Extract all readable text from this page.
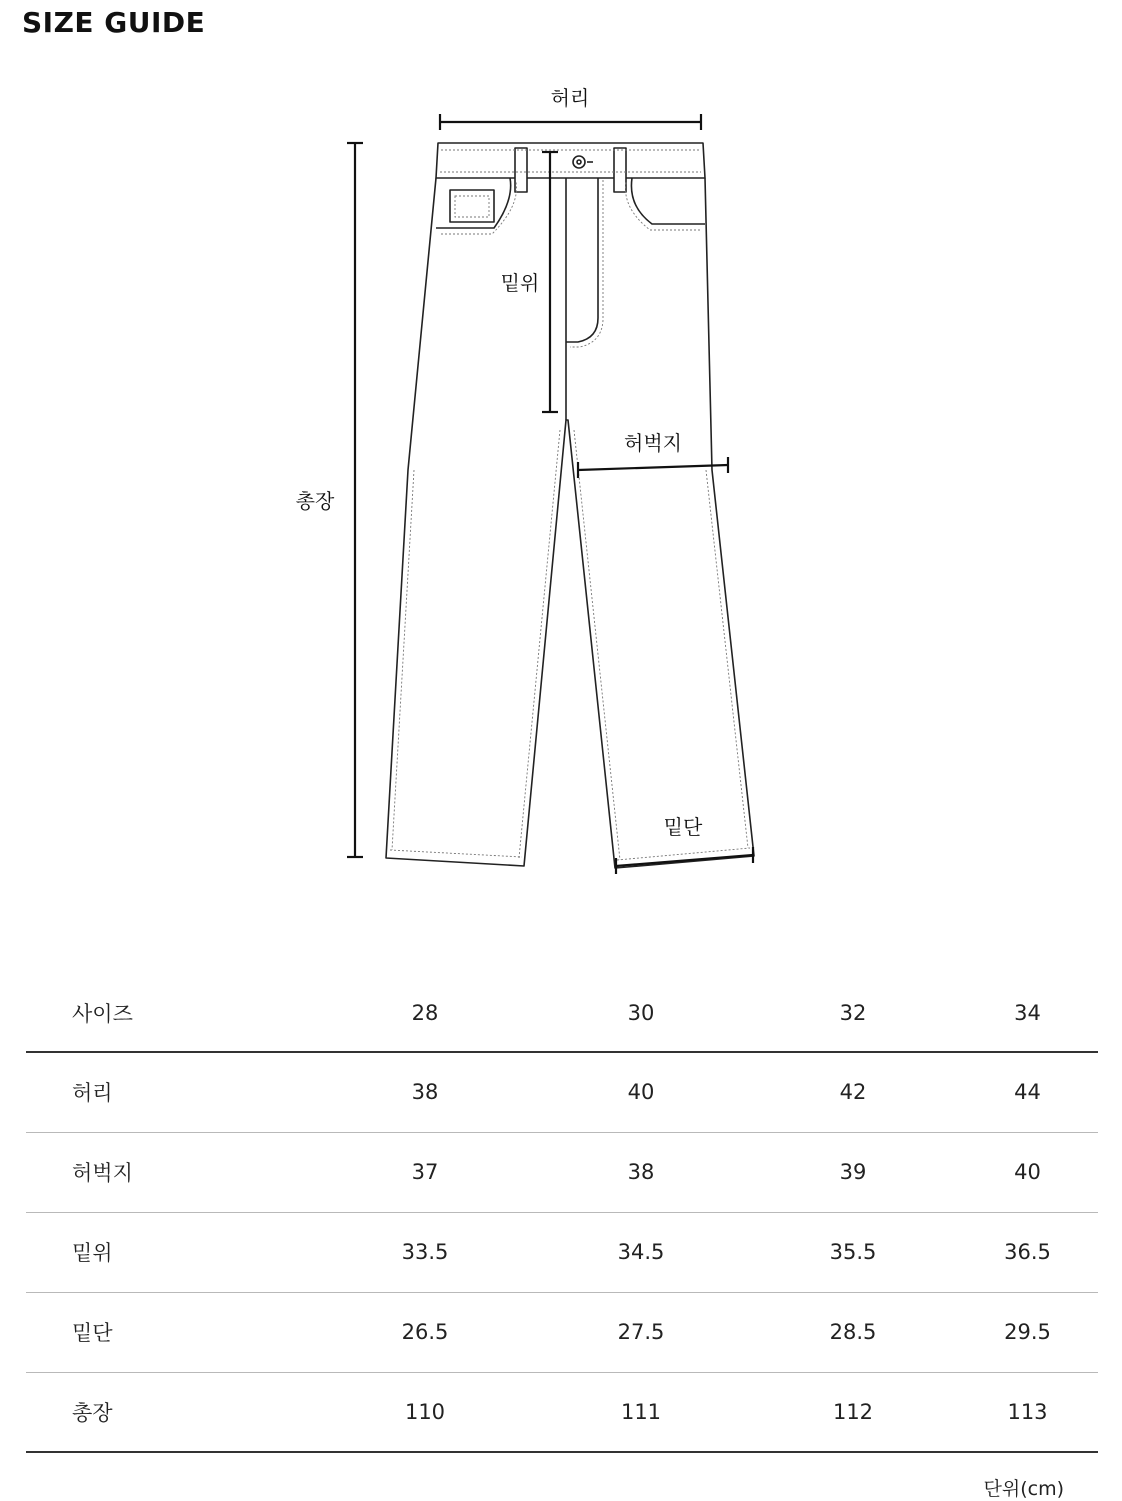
SIZE GUIDE
허리
밑위
허벅지
총장
밑단
사이즈	28	30	32	34
허리	38	40	42	44
허벅지	37	38	39	40
밑위	33.5	34.5	35.5	36.5
밑단	26.5	27.5	28.5	29.5
총장	110	111	112	113
단위(cm)
